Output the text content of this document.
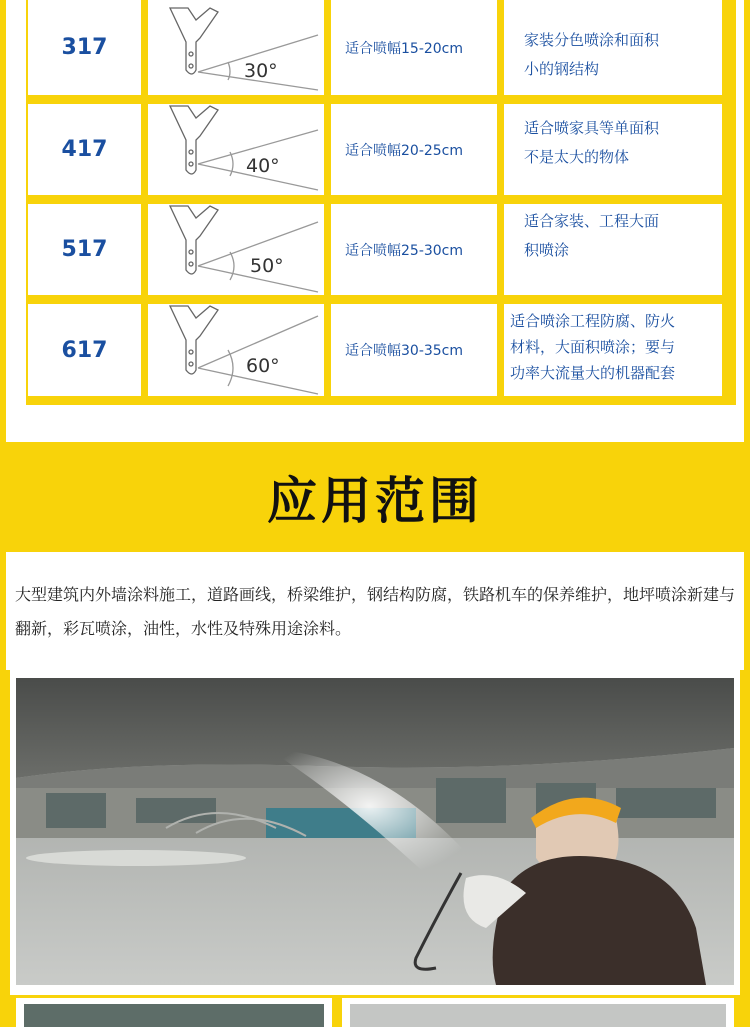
317
30°
适合喷幅15-20cm	家装分色喷涂和面积
小的钢结构
417
40°
适合喷幅20-25cm
适合喷家具等单面积
不是太大的物体
517
50°
适合喷幅25-30cm
适合家装、工程大面
积喷涂
617
60°
适合喷幅30-35cm
适合喷涂工程防腐、防火
材料，大面积喷涂；要与
功率大流量大的机器配套
应用范围

大型建筑内外墙涂料施工，道路画线，桥梁维护，钢结构防腐，铁路机车的保养维护，地坪喷涂新建与翻新，彩瓦喷涂，油性，水性及特殊用途涂料。
